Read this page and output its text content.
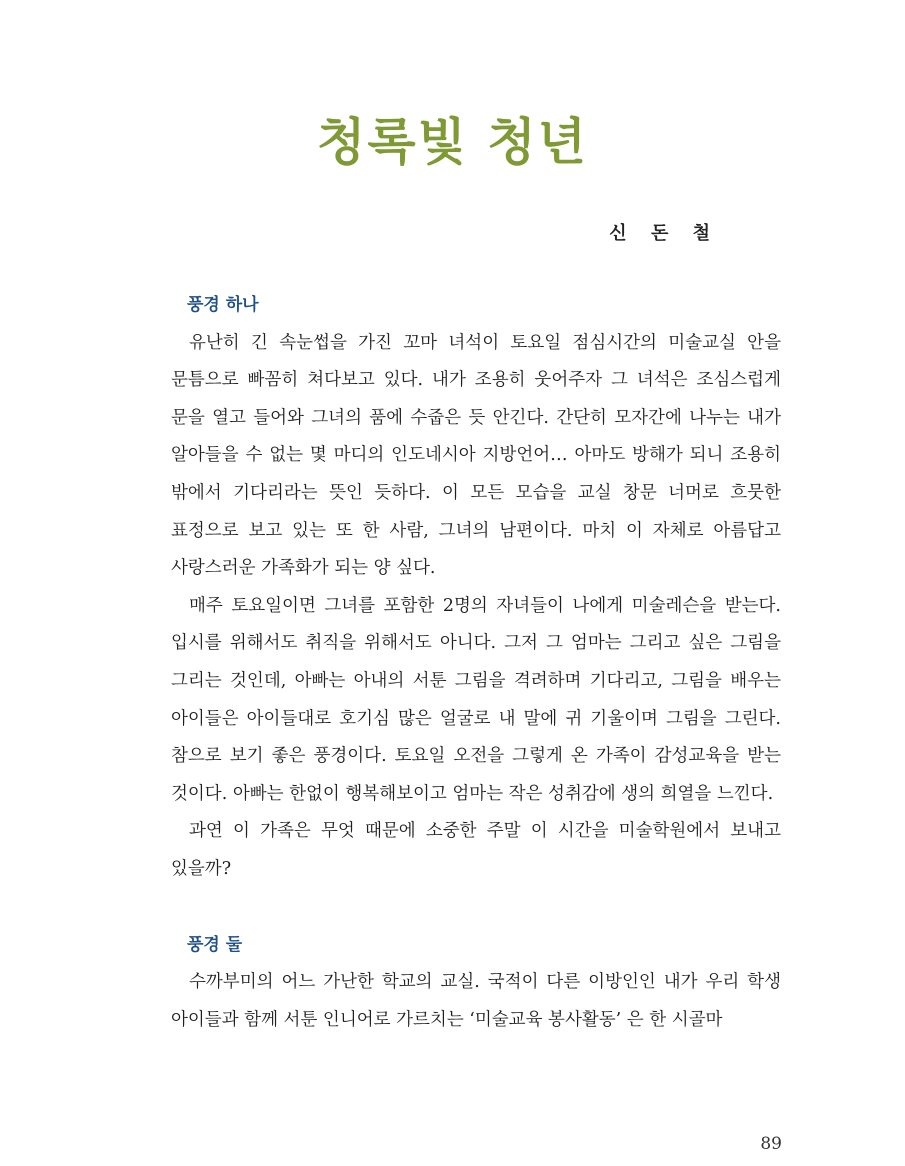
청록빛 청년
신 돈 철

풍경 하나

유난히 긴 속눈썹을 가진 꼬마 녀석이 토요일 점심시간의 미술교실 안을 문틈으로 빠꼼히 쳐다보고 있다. 내가 조용히 웃어주자 그 녀석은 조심스럽게 문을 열고 들어와 그녀의 품에 수줍은 듯 안긴다. 간단히 모자간에 나누는 내가 알아들을 수 없는 몇 마디의 인도네시아 지방언어… 아마도 방해가 되니 조용히 밖에서 기다리라는 뜻인 듯하다. 이 모든 모습을 교실 창문 너머로 흐뭇한 표정으로 보고 있는 또 한 사람, 그녀의 남편이다. 마치 이 자체로 아름답고 사랑스러운 가족화가 되는 양 싶다.

매주 토요일이면 그녀를 포함한 2명의 자녀들이 나에게 미술레슨을 받는다. 입시를 위해서도 취직을 위해서도 아니다. 그저 그 엄마는 그리고 싶은 그림을 그리는 것인데, 아빠는 아내의 서툰 그림을 격려하며 기다리고, 그림을 배우는 아이들은 아이들대로 호기심 많은 얼굴로 내 말에 귀 기울이며 그림을 그린다. 참으로 보기 좋은 풍경이다. 토요일 오전을 그렇게 온 가족이 감성교육을 받는 것이다. 아빠는 한없이 행복해보이고 엄마는 작은 성취감에 생의 희열을 느낀다.

과연 이 가족은 무엇 때문에 소중한 주말 이 시간을 미술학원에서 보내고 있을까?

풍경 둘

수까부미의 어느 가난한 학교의 교실. 국적이 다른 이방인인 내가 우리 학생 아이들과 함께 서툰 인니어로 가르치는 ‘미술교육 봉사활동’ 은 한 시골마

89
